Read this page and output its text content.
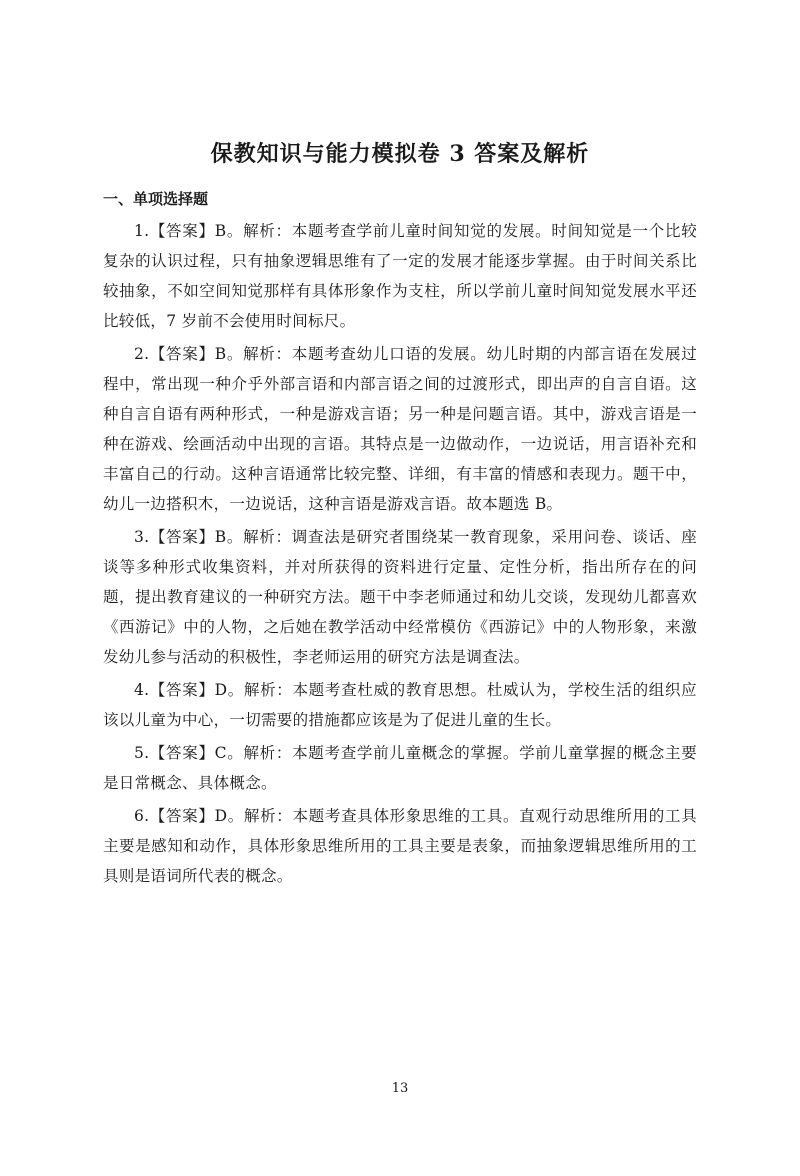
保教知识与能力模拟卷 3 答案及解析
一、单项选择题

1.【答案】B。解析：本题考查学前儿童时间知觉的发展。时间知觉是一个比较复杂的认识过程，只有抽象逻辑思维有了一定的发展才能逐步掌握。由于时间关系比较抽象，不如空间知觉那样有具体形象作为支柱，所以学前儿童时间知觉发展水平还比较低，7 岁前不会使用时间标尺。

2.【答案】B。解析：本题考查幼儿口语的发展。幼儿时期的内部言语在发展过程中，常出现一种介乎外部言语和内部言语之间的过渡形式，即出声的自言自语。这种自言自语有两种形式，一种是游戏言语；另一种是问题言语。其中，游戏言语是一种在游戏、绘画活动中出现的言语。其特点是一边做动作，一边说话，用言语补充和丰富自己的行动。这种言语通常比较完整、详细，有丰富的情感和表现力。题干中，幼儿一边搭积木，一边说话，这种言语是游戏言语。故本题选 B。

3.【答案】B。解析：调查法是研究者围绕某一教育现象，采用问卷、谈话、座谈等多种形式收集资料，并对所获得的资料进行定量、定性分析，指出所存在的问题，提出教育建议的一种研究方法。题干中李老师通过和幼儿交谈，发现幼儿都喜欢《西游记》中的人物，之后她在教学活动中经常模仿《西游记》中的人物形象，来激发幼儿参与活动的积极性，李老师运用的研究方法是调查法。

4.【答案】D。解析：本题考查杜威的教育思想。杜威认为，学校生活的组织应该以儿童为中心，一切需要的措施都应该是为了促进儿童的生长。

5.【答案】C。解析：本题考查学前儿童概念的掌握。学前儿童掌握的概念主要是日常概念、具体概念。

6.【答案】D。解析：本题考查具体形象思维的工具。直观行动思维所用的工具主要是感知和动作，具体形象思维所用的工具主要是表象，而抽象逻辑思维所用的工具则是语词所代表的概念。

13
